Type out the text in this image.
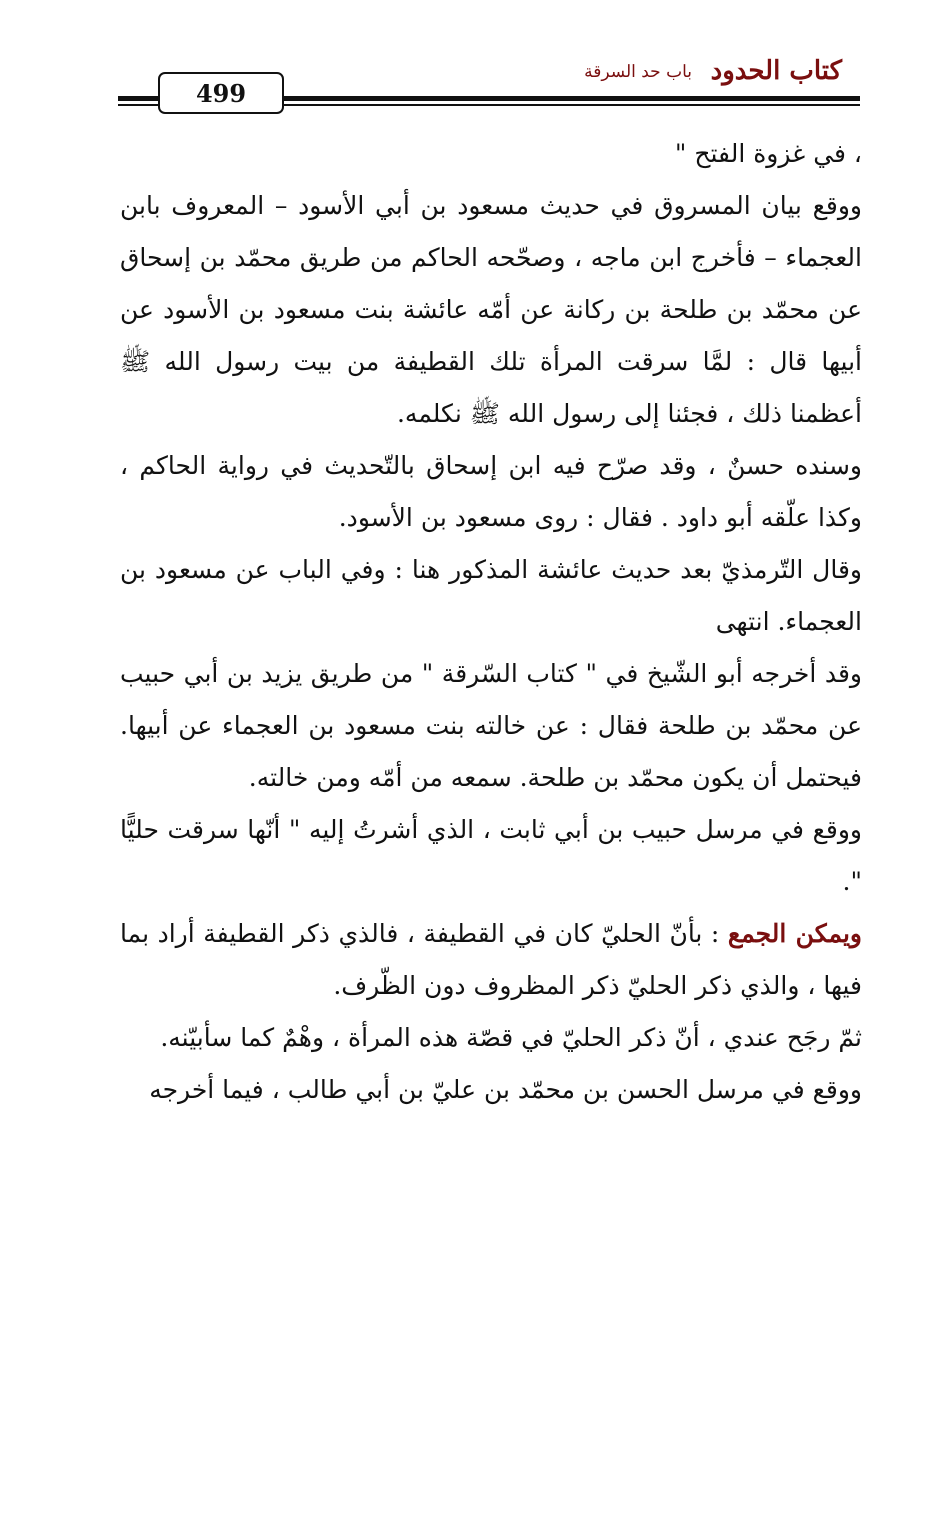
كتاب الحدود
باب حد السرقة
499

، في غزوة الفتح "

ووقع بيان المسروق في حديث مسعود بن أبي الأسود – المعروف بابن العجماء – فأخرج ابن ماجه ، وصحّحه الحاكم من طريق محمّد بن إسحاق عن محمّد بن طلحة بن ركانة عن أمّه عائشة بنت مسعود بن الأسود عن أبيها قال : لمَّا سرقت المرأة تلك القطيفة من بيت رسول الله ﷺ أعظمنا ذلك ، فجئنا إلى رسول الله ﷺ نكلمه.

وسنده حسنٌ ، وقد صرّح فيه ابن إسحاق بالتّحديث في رواية الحاكم ، وكذا علّقه أبو داود . فقال : روى مسعود بن الأسود.

وقال التّرمذيّ بعد حديث عائشة المذكور هنا : وفي الباب عن مسعود بن العجماء. انتهى

وقد أخرجه أبو الشّيخ في " كتاب السّرقة " من طريق يزيد بن أبي حبيب عن محمّد بن طلحة فقال : عن خالته بنت مسعود بن العجماء عن أبيها. فيحتمل أن يكون محمّد بن طلحة. سمعه من أمّه ومن خالته.

ووقع في مرسل حبيب بن أبي ثابت ، الذي أشرتُ إليه " أنّها سرقت حليًّا ".

ويمكن الجمع : بأنّ الحليّ كان في القطيفة ، فالذي ذكر القطيفة أراد بما فيها ، والذي ذكر الحليّ ذكر المظروف دون الظّرف.

ثمّ رجَح عندي ، أنّ ذكر الحليّ في قصّة هذه المرأة ، وهْمٌ كما سأبيّنه.

ووقع في مرسل الحسن بن محمّد بن عليّ بن أبي طالب ، فيما أخرجه
